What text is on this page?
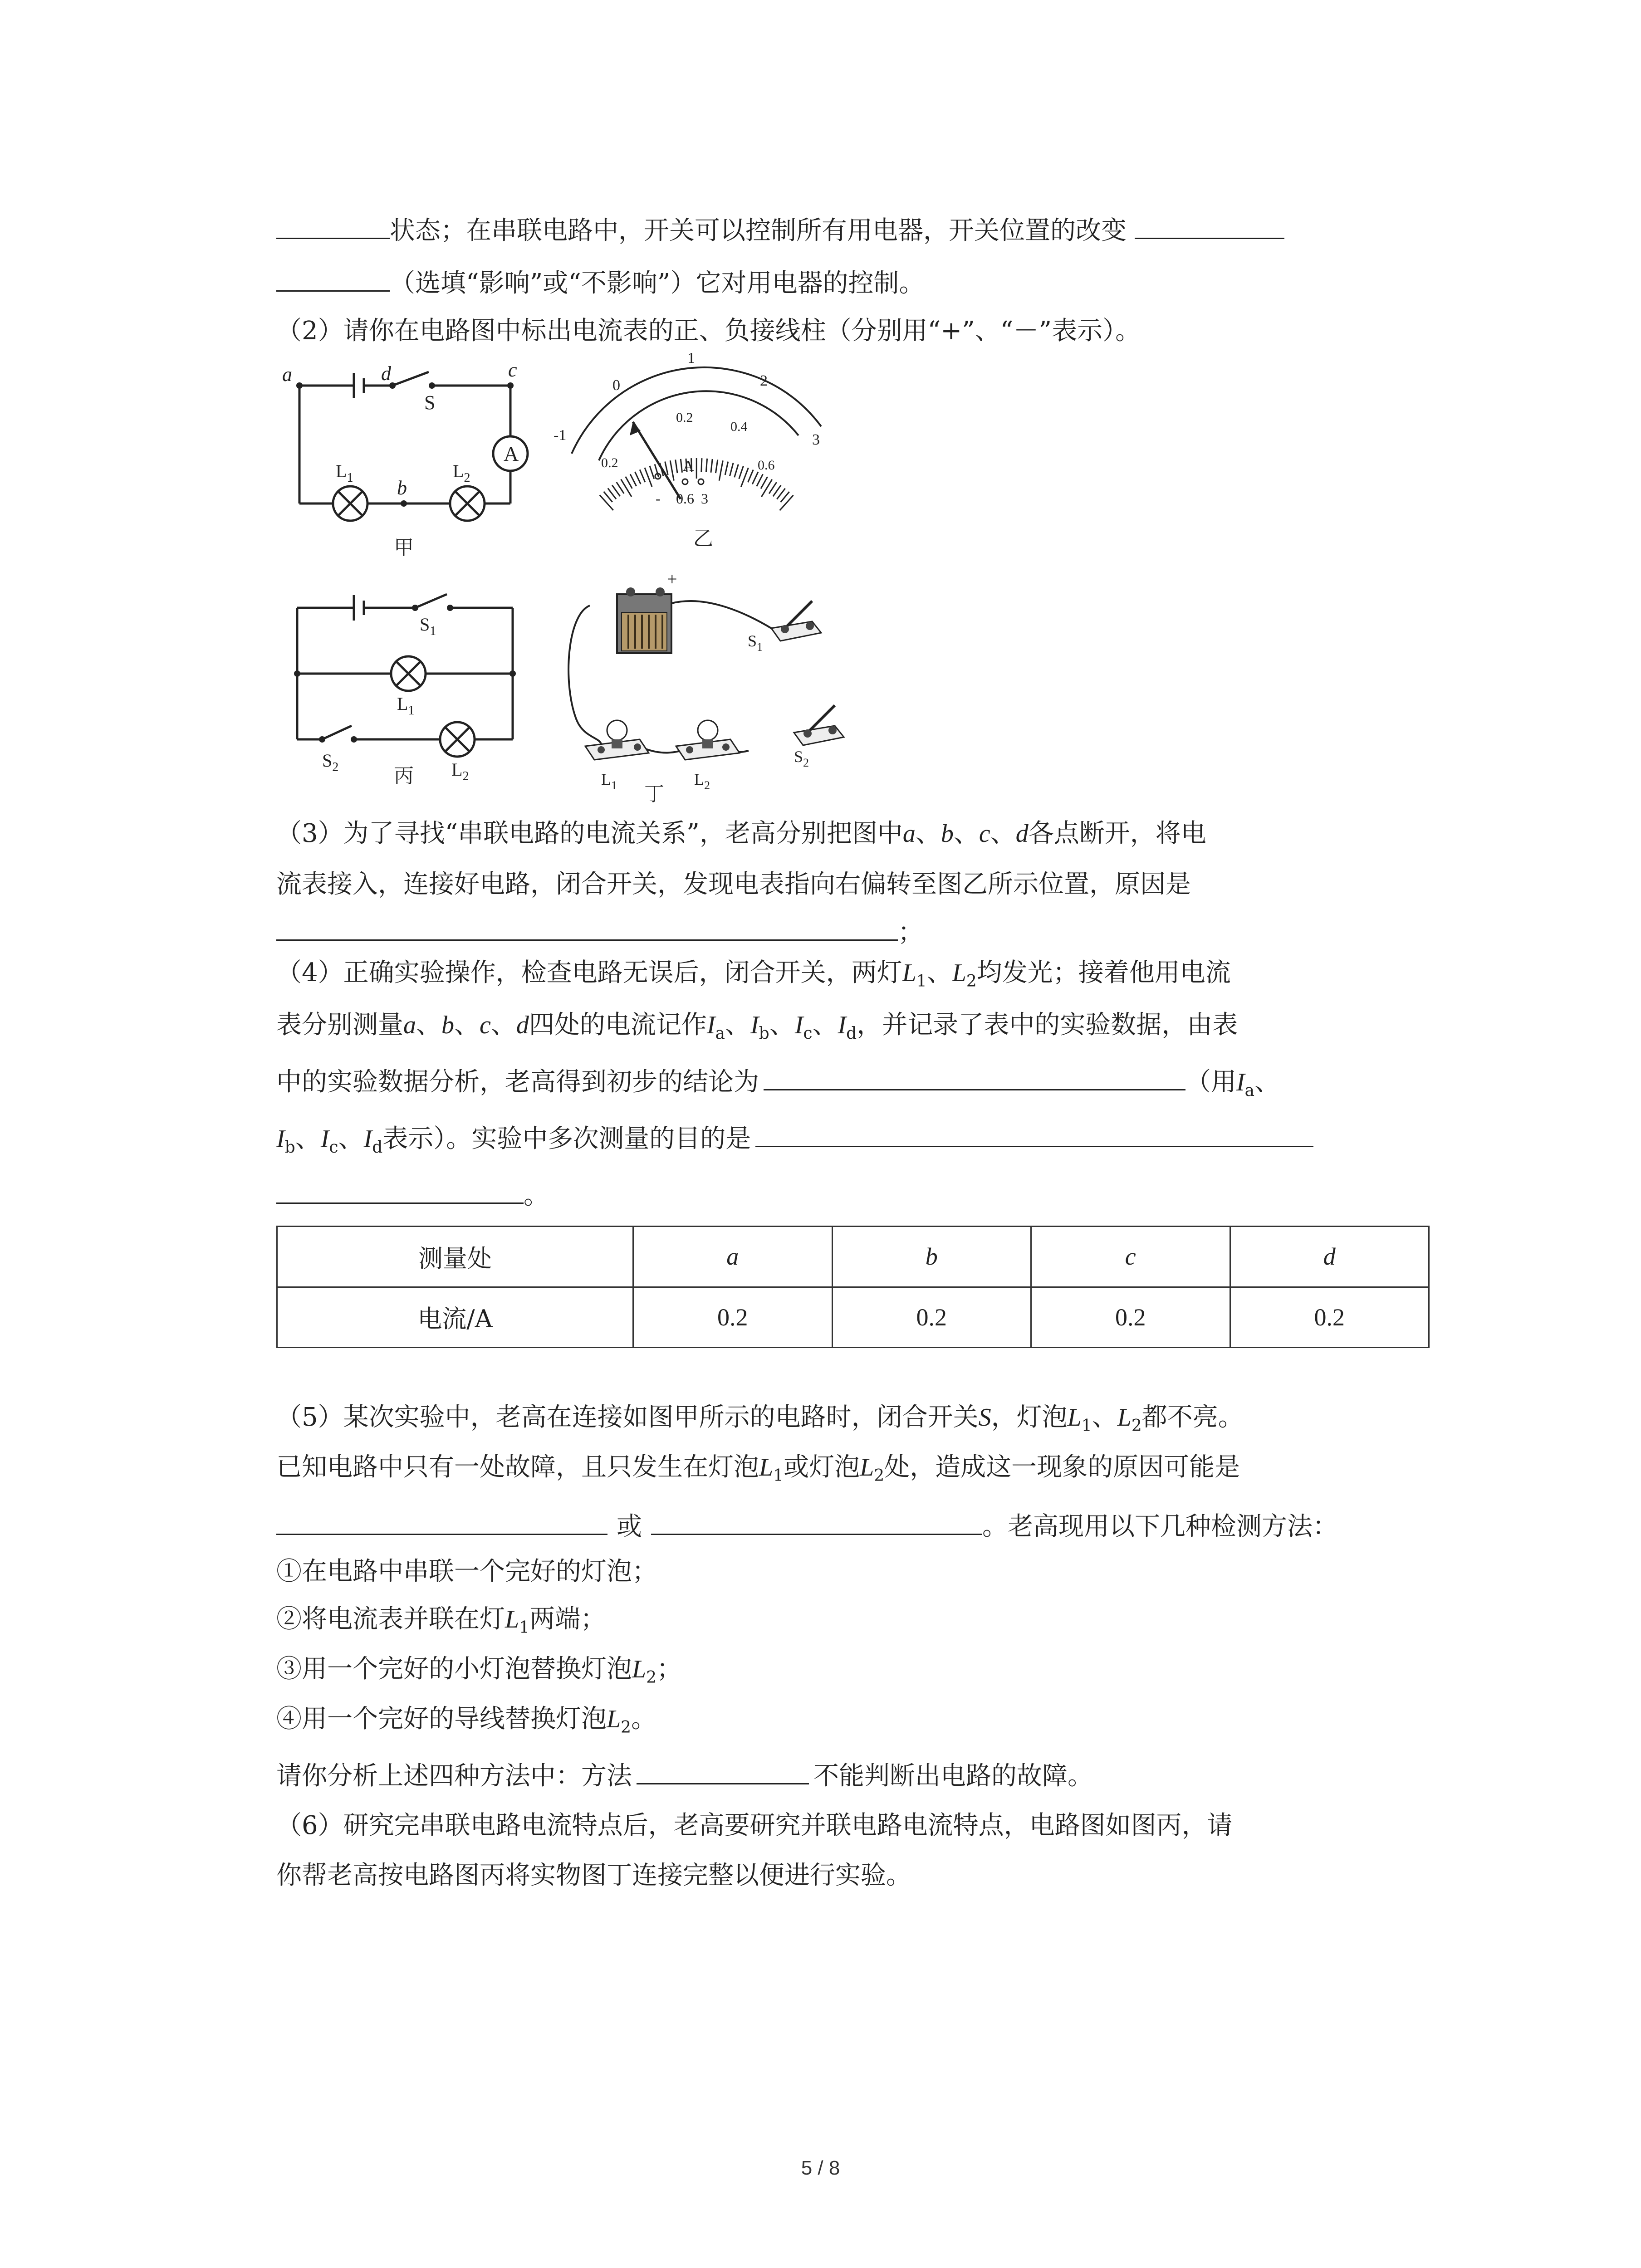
状态；在串联电路中，开关可以控制所有用电器，开关位置的改变
（选填“影响”或“不影响”）它对用电器的控制。
（2）请你在电路图中标出电流表的正、负接线柱（分别用“+”、“－”表示）。
a	d	c
b
S
A
$L_1$	$L_2$
甲
1
0	2
-1	3
0.2
0.4
0.2	0.6
A
- 0.6 3
乙
$S_1$
$L_1$
$S_2$	$L_2$
丙
+
$S_1$
$L_1$	$L_2$
$S_2$
丁
（3）为了寻找“串联电路的电流关系”，老高分别把图中a、b、c、d各点断开，将电
流表接入，连接好电路，闭合开关，发现电表指向右偏转至图乙所示位置，原因是
；
（4）正确实验操作，检查电路无误后，闭合开关，两灯$L_1$、$L_2$均发光；接着他用电流
表分别测量a、b、c、d四处的电流记作$I_a$、$I_b$、$I_c$、$I_d$，并记录了表中的实验数据，由表
中的实验数据分析，老高得到初步的结论为	（用$I_a$、
$I_b$、$I_c$、$I_d$表示）。实验中多次测量的目的是
。
测量处	a	b	c	d
电流/A	0.2	0.2	0.2	0.2
（5）某次实验中，老高在连接如图甲所示的电路时，闭合开关S，灯泡$L_1$、$L_2$都不亮。
已知电路中只有一处故障，且只发生在灯泡$L_1$或灯泡$L_2$处，造成这一现象的原因可能是
或	。老高现用以下几种检测方法：
①在电路中串联一个完好的灯泡；
②将电流表并联在灯$L_1$两端；
③用一个完好的小灯泡替换灯泡$L_2$；
④用一个完好的导线替换灯泡$L_2$。
请你分析上述四种方法中：方法	不能判断出电路的故障。
（6）研究完串联电路电流特点后，老高要研究并联电路电流特点，电路图如图丙，请
你帮老高按电路图丙将实物图丁连接完整以便进行实验。
5 / 8
